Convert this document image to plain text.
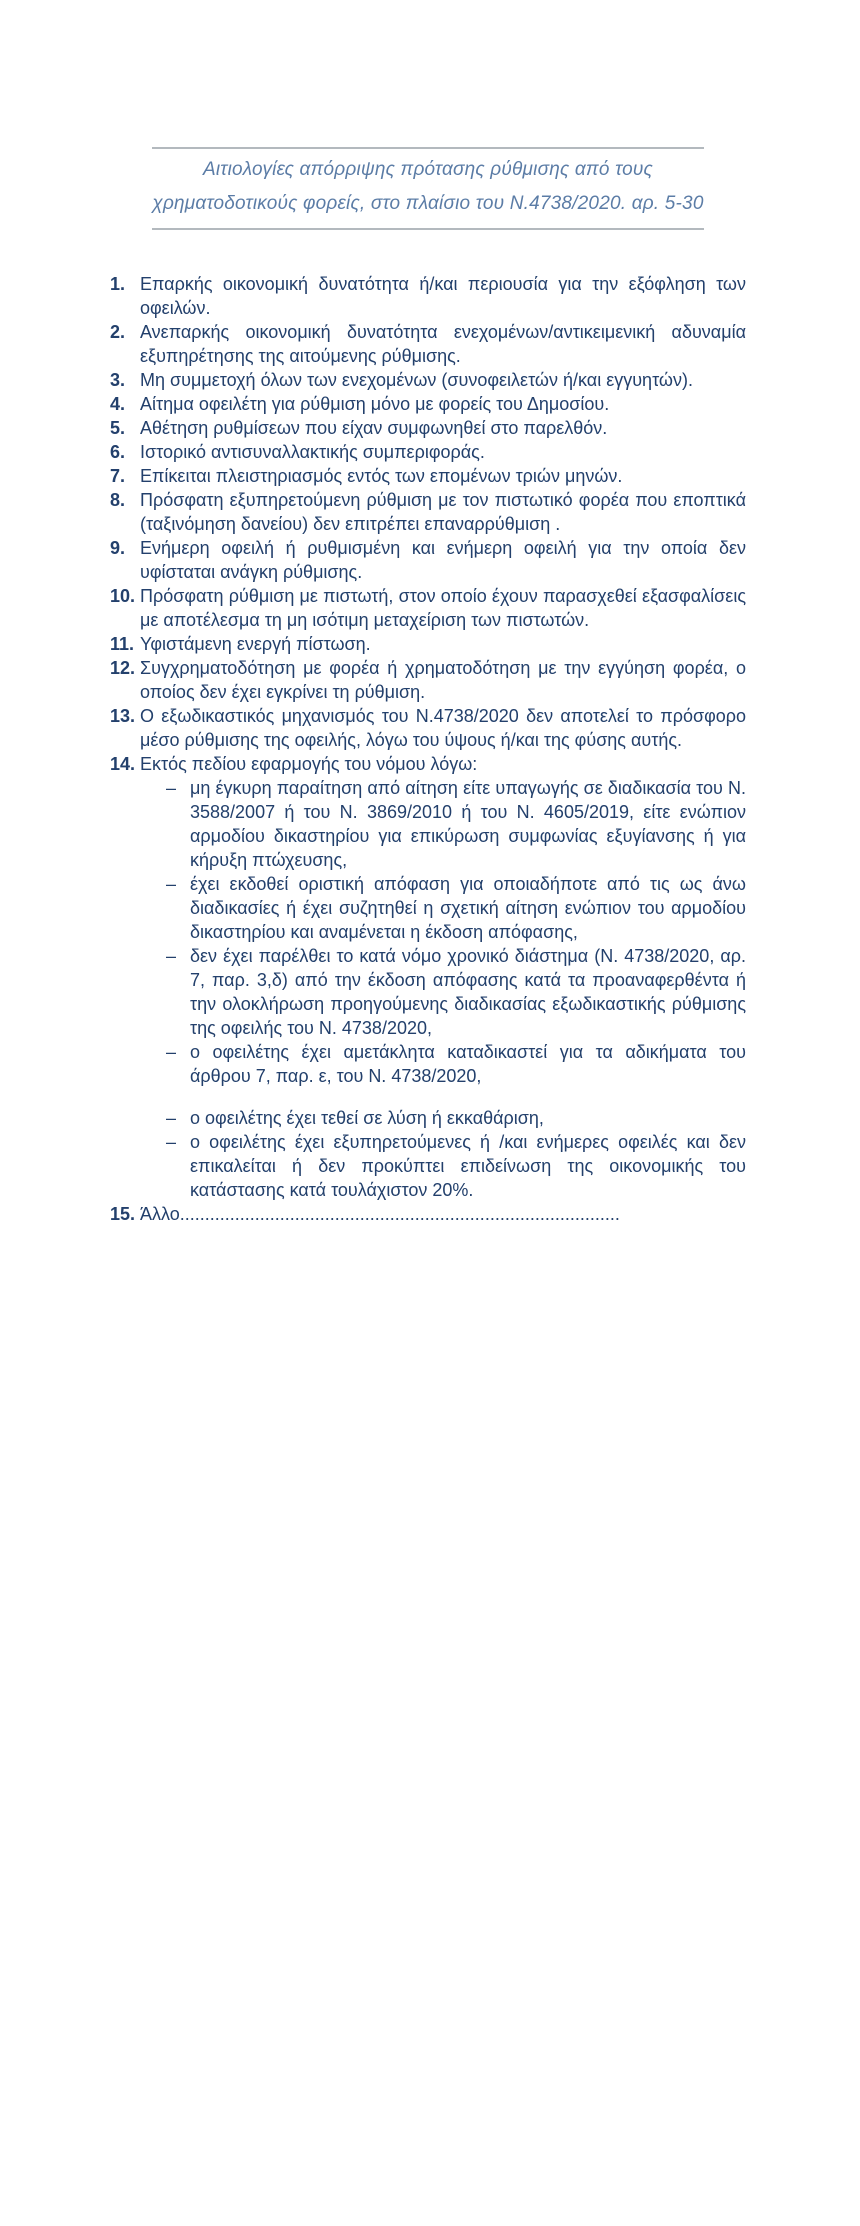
Αιτιολογίες απόρριψης πρότασης ρύθμισης από τους χρηματοδοτικούς φορείς, στο πλαίσιο του Ν.4738/2020. αρ. 5-30
1. Επαρκής οικονομική δυνατότητα ή/και περιουσία για την εξόφληση των οφειλών.
2. Ανεπαρκής οικονομική δυνατότητα ενεχομένων/αντικειμενική αδυναμία εξυπηρέτησης της αιτούμενης ρύθμισης.
3. Μη συμμετοχή όλων των ενεχομένων (συνοφειλετών ή/και εγγυητών).
4. Αίτημα οφειλέτη για ρύθμιση μόνο με φορείς του Δημοσίου.
5. Αθέτηση ρυθμίσεων που είχαν συμφωνηθεί στο παρελθόν.
6. Ιστορικό αντισυναλλακτικής συμπεριφοράς.
7. Επίκειται πλειστηριασμός εντός των επομένων τριών μηνών.
8. Πρόσφατη εξυπηρετούμενη ρύθμιση με τον πιστωτικό φορέα που εποπτικά (ταξινόμηση δανείου) δεν επιτρέπει επαναρρύθμιση .
9. Ενήμερη οφειλή ή ρυθμισμένη και ενήμερη οφειλή για την οποία δεν υφίσταται ανάγκη ρύθμισης.
10. Πρόσφατη ρύθμιση με πιστωτή, στον οποίο έχουν παρασχεθεί εξασφαλίσεις με αποτέλεσμα τη μη ισότιμη μεταχείριση των πιστωτών.
11. Υφιστάμενη ενεργή πίστωση.
12. Συγχρηματοδότηση με φορέα ή χρηματοδότηση με την εγγύηση φορέα, ο οποίος δεν έχει εγκρίνει τη ρύθμιση.
13. Ο εξωδικαστικός μηχανισμός του Ν.4738/2020 δεν αποτελεί το πρόσφορο μέσο ρύθμισης της οφειλής, λόγω του ύψους ή/και της φύσης αυτής.
14. Εκτός πεδίου εφαρμογής του νόμου λόγω:
– μη έγκυρη παραίτηση από αίτηση είτε υπαγωγής σε διαδικασία του Ν. 3588/2007 ή του Ν. 3869/2010 ή του Ν. 4605/2019, είτε ενώπιον αρμοδίου δικαστηρίου για επικύρωση συμφωνίας εξυγίανσης ή για κήρυξη πτώχευσης,
– έχει εκδοθεί οριστική απόφαση για οποιαδήποτε από τις ως άνω διαδικασίες ή έχει συζητηθεί η σχετική αίτηση ενώπιον του αρμοδίου δικαστηρίου και αναμένεται η έκδοση απόφασης,
– δεν έχει παρέλθει το κατά νόμο χρονικό διάστημα (Ν. 4738/2020, αρ. 7, παρ. 3,δ) από την έκδοση απόφασης κατά τα προαναφερθέντα ή την ολοκλήρωση προηγούμενης διαδικασίας εξωδικαστικής ρύθμισης της οφειλής του Ν. 4738/2020,
– ο οφειλέτης έχει αμετάκλητα καταδικαστεί για τα αδικήματα του άρθρου 7, παρ. ε, του Ν. 4738/2020,
– ο οφειλέτης έχει τεθεί σε λύση ή εκκαθάριση,
– ο οφειλέτης έχει εξυπηρετούμενες ή /και ενήμερες οφειλές και δεν επικαλείται ή δεν προκύπτει επιδείνωση της οικονομικής του κατάστασης κατά τουλάχιστον 20%.
15. Άλλο........................................................................................
